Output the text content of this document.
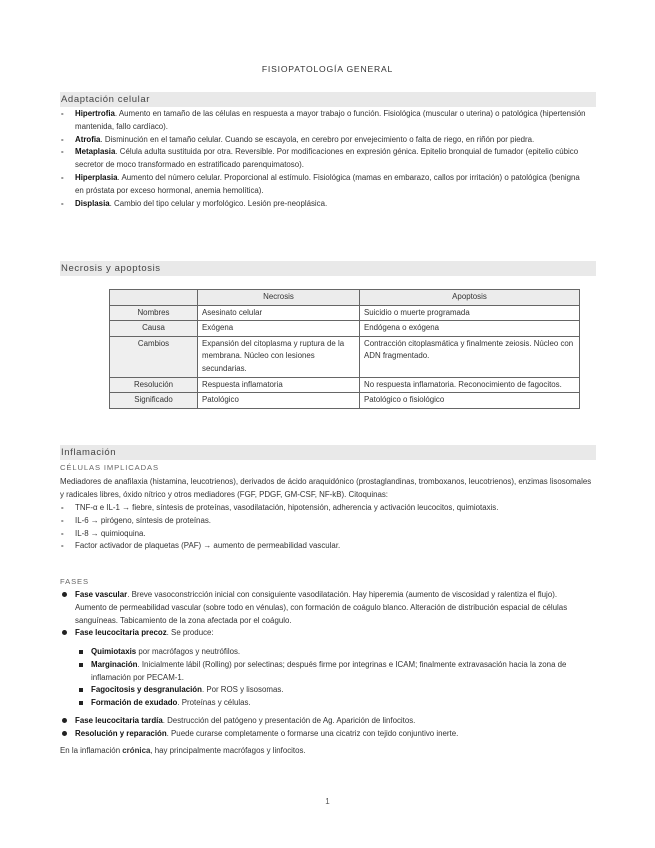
FISIOPATOLOGÍA GENERAL
Adaptación celular
- Hipertrofia. Aumento en tamaño de las células en respuesta a mayor trabajo o función. Fisiológica (muscular o uterina) o patológica (hipertensión mantenida, fallo cardíaco).
- Atrofia. Disminución en el tamaño celular. Cuando se escayola, en cerebro por envejecimiento o falta de riego, en riñón por piedra.
- Metaplasia. Célula adulta sustituida por otra. Reversible. Por modificaciones en expresión génica. Epitelio bronquial de fumador (epitelio cúbico secretor de moco transformado en estratificado parenquimatoso).
- Hiperplasia. Aumento del número celular. Proporcional al estímulo. Fisiológica (mamas en embarazo, callos por irritación) o patológica (benigna en próstata por exceso hormonal, anemia hemolítica).
- Displasia. Cambio del tipo celular y morfológico. Lesión pre-neoplásica.
Necrosis y apoptosis
	Necrosis	Apoptosis
Nombres	Asesinato celular	Suicidio o muerte programada
Causa	Exógena	Endógena o exógena
Cambios	Expansión del citoplasma y ruptura de la membrana. Núcleo con lesiones secundarias.	Contracción citoplasmática y finalmente zeiosis. Núcleo con ADN fragmentado.
Resolución	Respuesta inflamatoria	No respuesta inflamatoria. Reconocimiento de fagocitos.
Significado	Patológico	Patológico o fisiológico
Inflamación
CÉLULAS IMPLICADAS

Mediadores de anafilaxia (histamina, leucotrienos), derivados de ácido araquidónico (prostaglandinas, tromboxanos, leucotrienos), enzimas lisosomales y radicales libres, óxido nítrico y otros mediadores (FGF, PDGF, GM-CSF, NF-kB). Citoquinas:

- TNF-α e IL-1 → fiebre, síntesis de proteínas, vasodilatación, hipotensión, adherencia y activación leucocitos, quimiotaxis.
- IL-6 → pirógeno, síntesis de proteínas.
- IL-8 → quimioquina.
- Factor activador de plaquetas (PAF) → aumento de permeabilidad vascular.
FASES
Fase vascular. Breve vasoconstricción inicial con consiguiente vasodilatación. Hay hiperemia (aumento de viscosidad y ralentiza el flujo). Aumento de permeabilidad vascular (sobre todo en vénulas), con formación de coágulo blanco. Alteración de distribución espacial de células sanguíneas. Tabicamiento de la zona afectada por el coágulo.
Fase leucocitaria precoz. Se produce:
Quimiotaxis por macrófagos y neutrófilos.
Marginación. Inicialmente lábil (Rolling) por selectinas; después firme por integrinas e ICAM; finalmente extravasación hacia la zona de inflamación por PECAM-1.
Fagocitosis y desgranulación. Por ROS y lisosomas.
Formación de exudado. Proteínas y células.
Fase leucocitaria tardía. Destrucción del patógeno y presentación de Ag. Aparición de linfocitos.
Resolución y reparación. Puede curarse completamente o formarse una cicatriz con tejido conjuntivo inerte.

En la inflamación crónica, hay principalmente macrófagos y linfocitos.

1
